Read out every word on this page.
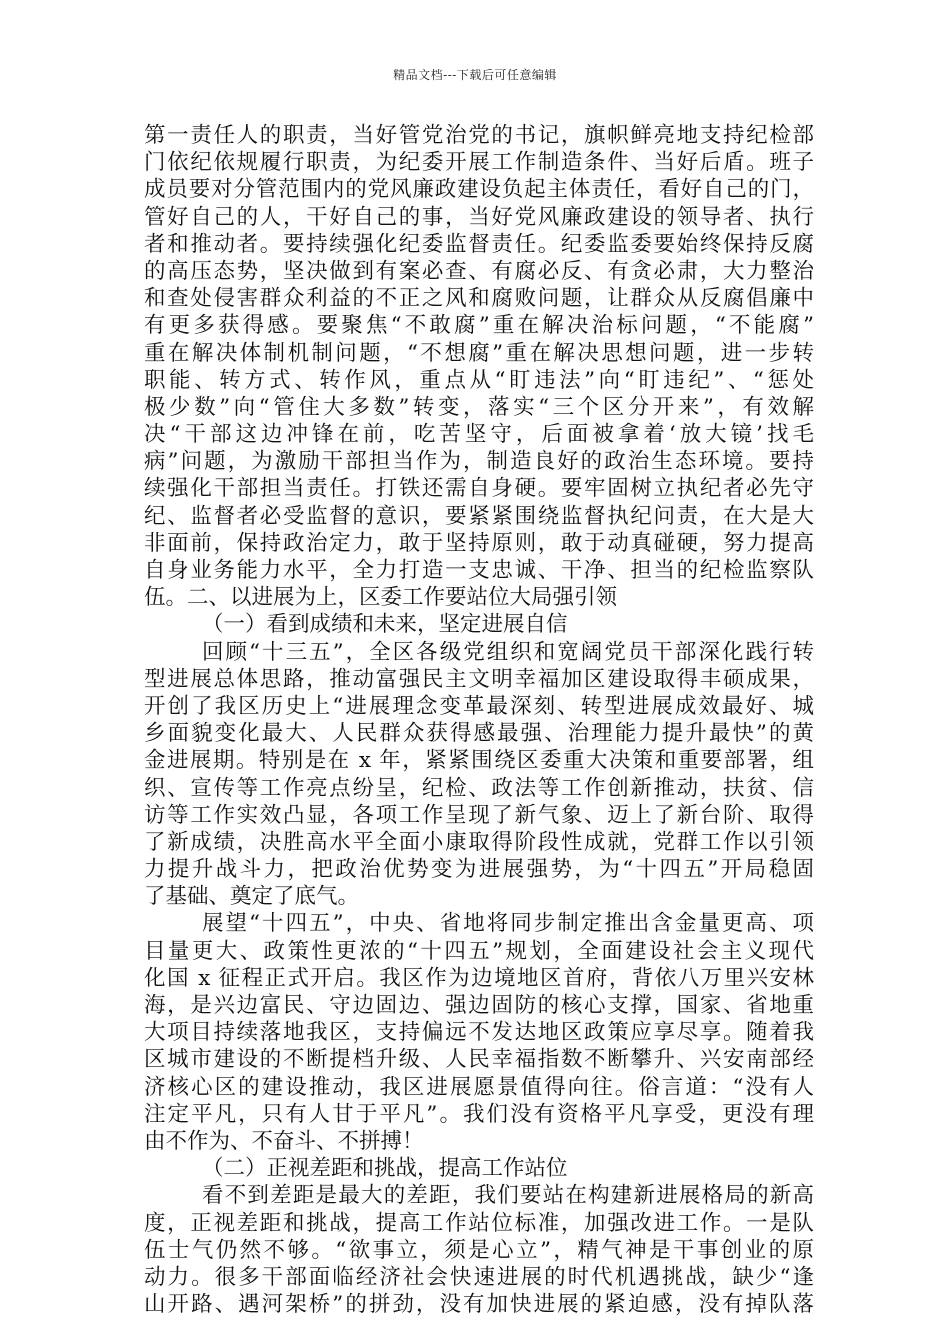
精品文档---下载后可任意编辑
第一责任人的职责，当好管党治党的书记，旗帜鲜亮地支持纪检部
门依纪依规履行职责，为纪委开展工作制造条件、当好后盾。班子
成员要对分管范围内的党风廉政建设负起主体责任，看好自己的门，
管好自己的人，干好自己的事，当好党风廉政建设的领导者、执行
者和推动者。要持续强化纪委监督责任。纪委监委要始终保持反腐
的高压态势，坚决做到有案必查、有腐必反、有贪必肃，大力整治
和查处侵害群众利益的不正之风和腐败问题，让群众从反腐倡廉中
有更多获得感。要聚焦“不敢腐”重在解决治标问题，“不能腐”
重在解决体制机制问题，“不想腐”重在解决思想问题，进一步转
职能、转方式、转作风，重点从“盯违法”向“盯违纪”、“惩处
极少数”向“管住大多数”转变，落实“三个区分开来”，有效解
决“干部这边冲锋在前，吃苦坚守，后面被拿着‘放大镜’找毛
病”问题，为激励干部担当作为，制造良好的政治生态环境。要持
续强化干部担当责任。打铁还需自身硬。要牢固树立执纪者必先守
纪、监督者必受监督的意识，要紧紧围绕监督执纪问责，在大是大
非面前，保持政治定力，敢于坚持原则，敢于动真碰硬，努力提高
自身业务能力水平，全力打造一支忠诚、干净、担当的纪检监察队
伍。二、以进展为上，区委工作要站位大局强引领
（一）看到成绩和未来，坚定进展自信
回顾“十三五”，全区各级党组织和宽阔党员干部深化践行转
型进展总体思路，推动富强民主文明幸福加区建设取得丰硕成果，
开创了我区历史上“进展理念变革最深刻、转型进展成效最好、城
乡面貌变化最大、人民群众获得感最强、治理能力提升最快”的黄
金进展期。特别是在 x 年，紧紧围绕区委重大决策和重要部署，组
织、宣传等工作亮点纷呈，纪检、政法等工作创新推动，扶贫、信
访等工作实效凸显，各项工作呈现了新气象、迈上了新台阶、取得
了新成绩，决胜高水平全面小康取得阶段性成就，党群工作以引领
力提升战斗力，把政治优势变为进展强势，为“十四五”开局稳固
了基础、奠定了底气。
展望“十四五”，中央、省地将同步制定推出含金量更高、项
目量更大、政策性更浓的“十四五”规划，全面建设社会主义现代
化国 x 征程正式开启。我区作为边境地区首府，背依八万里兴安林
海，是兴边富民、守边固边、强边固防的核心支撑，国家、省地重
大项目持续落地我区，支持偏远不发达地区政策应享尽享。随着我
区城市建设的不断提档升级、人民幸福指数不断攀升、兴安南部经
济核心区的建设推动，我区进展愿景值得向往。俗言道：“没有人
注定平凡，只有人甘于平凡”。我们没有资格平凡享受，更没有理
由不作为、不奋斗、不拼搏！
（二）正视差距和挑战，提高工作站位
看不到差距是最大的差距，我们要站在构建新进展格局的新高
度，正视差距和挑战，提高工作站位标准，加强改进工作。一是队
伍士气仍然不够。“欲事立，须是心立”，精气神是干事创业的原
动力。很多干部面临经济社会快速进展的时代机遇挑战，缺少“逢
山开路、遇河架桥”的拼劲，没有加快进展的紧迫感，没有掉队落
